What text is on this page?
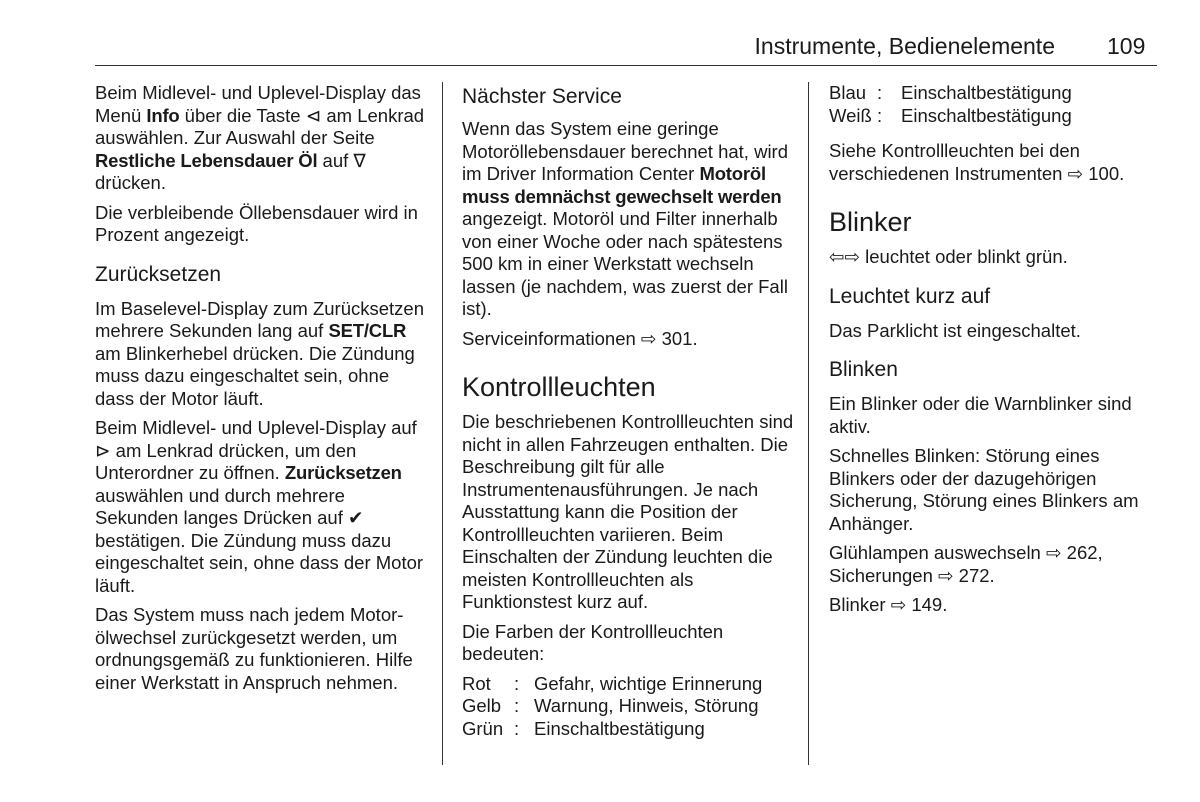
Instrumente, Bedienelemente 109

Beim Midlevel- und Uplevel-Display das Menü Info über die Taste ⊲ am Lenkrad auswählen. Zur Auswahl der Seite Restliche Lebensdauer Öl auf ∇ drücken.

Die verbleibende Öllebensdauer wird in Prozent angezeigt.

Zurücksetzen

Im Baselevel-Display zum Zurücksetzen mehrere Sekunden lang auf SET/CLR am Blinkerhebel drücken. Die Zündung muss dazu eingeschaltet sein, ohne dass der Motor läuft.

Beim Midlevel- und Uplevel-Display auf ⊳ am Lenkrad drücken, um den Unterordner zu öffnen. Zurücksetzen auswählen und durch mehrere Sekunden langes Drücken auf ✔ bestätigen. Die Zündung muss dazu eingeschaltet sein, ohne dass der Motor läuft.

Das System muss nach jedem Motorölwechsel zurückgesetzt werden, um ordnungsgemäß zu funktionieren. Hilfe einer Werkstatt in Anspruch nehmen.

Nächster Service

Wenn das System eine geringe Motoröllebensdauer berechnet hat, wird im Driver Information Center Motoröl muss demnächst gewechselt werden angezeigt. Motoröl und Filter innerhalb von einer Woche oder nach spätestens 500 km in einer Werkstatt wechseln lassen (je nachdem, was zuerst der Fall ist).

Serviceinformationen ⇨ 301.

Kontrollleuchten

Die beschriebenen Kontrollleuchten sind nicht in allen Fahrzeugen enthalten. Die Beschreibung gilt für alle Instrumentenausführungen. Je nach Ausstattung kann die Position der Kontrollleuchten variieren. Beim Einschalten der Zündung leuchten die meisten Kontrollleuchten als Funktionstest kurz auf.

Die Farben der Kontrollleuchten bedeuten:

Rot	: Gefahr, wichtige Erinnerung
Gelb : Warnung, Hinweis, Störung
Grün : Einschaltbestätigung
Blau :	Einschaltbestätigung
Weiß :	Einschaltbestätigung

Siehe Kontrollleuchten bei den verschiedenen Instrumenten ⇨ 100.

Blinker

⇦⇨ leuchtet oder blinkt grün.

Leuchtet kurz auf

Das Parklicht ist eingeschaltet.

Blinken

Ein Blinker oder die Warnblinker sind aktiv.

Schnelles Blinken: Störung eines Blinkers oder der dazugehörigen Sicherung, Störung eines Blinkers am Anhänger.

Glühlampen auswechseln ⇨ 262,
Sicherungen ⇨ 272.

Blinker ⇨ 149.
